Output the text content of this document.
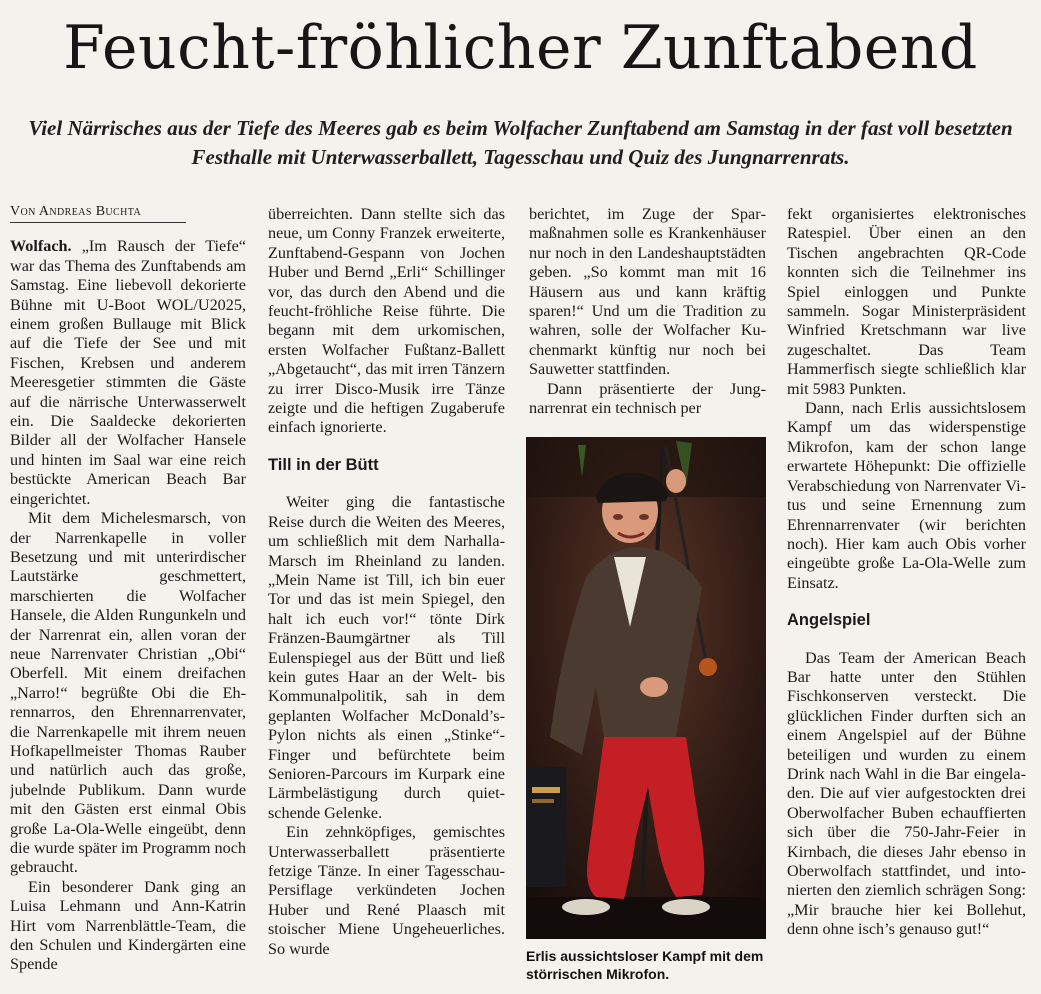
Feucht-fröhlicher Zunftabend

Viel Närrisches aus der Tiefe des Meeres gab es beim Wolfacher Zunftabend am Samstag in der fast voll besetzten Festhalle mit Unterwasserballett, Tagesschau und Quiz des Jungnarrenrats.

Von Andreas Buchta

Wolfach. „Im Rausch der Tiefe“ war das Thema des Zunftabends am Samstag. Eine liebevoll dekorierte Bühne mit U-Boot WOL/U2025, einem großen Bullauge mit Blick auf die Tiefe der See und mit Fischen, Krebsen und anderem Meeresgetier stimmten die Gäste auf die närrische Unterwasserwelt ein. Die Saaldecke dekorierten Bilder all der Wolfacher Hansele und hinten im Saal war eine reich bestückte American Beach Bar eingerichtet.

Mit dem Michelesmarsch, von der Narrenkapelle in voller Besetzung und mit unterirdischer Lautstärke geschmettert, marschierten die Wolfacher Hansele, die Alden Rungunkeln und der Narrenrat ein, allen voran der neue Narrenvater Christian „Obi“ Oberfell. Mit einem dreifachen „Narro!“ begrüßte Obi die Ehrennarros, den Ehrennarrenvater, die Narrenkapelle mit ihrem neuen Hofkapellmeister Thomas Rauber und natürlich auch das große, jubelnde Publikum. Dann wurde mit den Gästen erst einmal Obis große La-Ola-Welle eingeübt, denn die wurde später im Programm noch gebraucht.

Ein besonderer Dank ging an Luisa Lehmann und Ann-Katrin Hirt vom Narrenblättle-Team, die den Schulen und Kindergärten eine Spende

überreichten. Dann stellte sich das neue, um Conny Franzek erweiterte, Zunftabend-Gespann von Jochen Huber und Bernd „Erli“ Schillinger vor, das durch den Abend und die feucht-fröhliche Reise führte. Die begann mit dem urkomischen, ersten Wolfacher Fußtanz-Ballett „Abgetaucht“, das mit irren Tänzern zu irrer Disco-Musik irre Tänze zeigte und die heftigen Zugaberufe einfach ignorierte.

Till in der Bütt

Weiter ging die fantastische Reise durch die Weiten des Meeres, um schließlich mit dem Narhalla-Marsch im Rheinland zu landen. „Mein Name ist Till, ich bin euer Tor und das ist mein Spiegel, den halt ich euch vor!“ tönte Dirk Fränzen-Baumgärtner als Till Eulenspiegel aus der Bütt und ließ kein gutes Haar an der Welt- bis Kommunalpolitik, sah in dem geplanten Wolfacher McDonald’s-Pylon nichts als einen „Stinke“-Finger und befürchtete beim Senioren-Parcours im Kurpark eine Lärmbelästigung durch quietschende Gelenke.

Ein zehnköpfiges, gemischtes Unterwasserballett präsentierte fetzige Tänze. In einer Tagesschau-Persiflage verkündeten Jochen Huber und René Plaasch mit stoischer Miene Ungeheuerliches. So wurde

berichtet, im Zuge der Sparmaßnahmen solle es Krankenhäuser nur noch in den Landeshauptstädten geben. „So kommt man mit 16 Häusern aus und kann kräftig sparen!“ Und um die Tradition zu wahren, solle der Wolfacher Kuchenmarkt künftig nur noch bei Sauwetter stattfinden.

Dann präsentierte der Jungnarrenrat ein technisch per

Erlis aussichtsloser Kampf mit dem störrischen Mikrofon.

fekt organisiertes elektronisches Ratespiel. Über einen an den Tischen angebrachten QR-Code konnten sich die Teilnehmer ins Spiel einloggen und Punkte sammeln. Sogar Ministerpräsident Winfried Kretschmann war live zugeschaltet. Das Team Hammerfisch siegte schließlich klar mit 5983 Punkten.

Dann, nach Erlis aussichtslosem Kampf um das widerspenstige Mikrofon, kam der schon lange erwartete Höhepunkt: Die offizielle Verabschiedung von Narrenvater Vitus und seine Ernennung zum Ehrennarrenvater (wir berichten noch). Hier kam auch Obis vorher eingeübte große La-Ola-Welle zum Einsatz.

Angelspiel

Das Team der American Beach Bar hatte unter den Stühlen Fischkonserven versteckt. Die glücklichen Finder durften sich an einem Angelspiel auf der Bühne beteiligen und wurden zu einem Drink nach Wahl in die Bar eingeladen. Die auf vier aufgestockten drei Oberwolfacher Buben echauffierten sich über die 750-Jahr-Feier in Kirnbach, die dieses Jahr ebenso in Oberwolfach stattfindet, und intonierten den ziemlich schrägen Song: „Mir brauche hier kei Bollehut, denn ohne isch’s genauso gut!“
